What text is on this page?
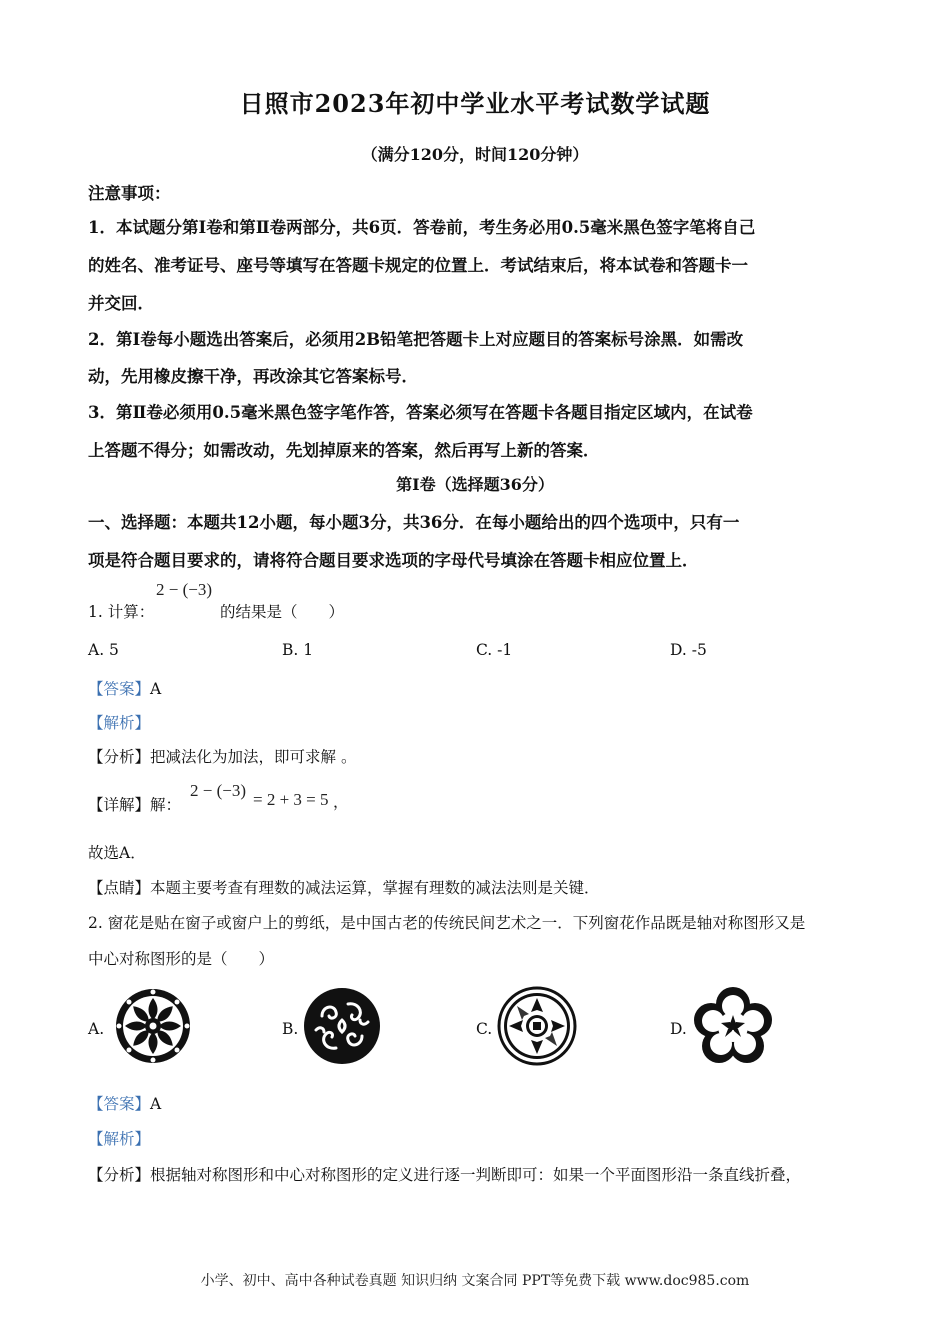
日照市2023年初中学业水平考试数学试题
（满分120分，时间120分钟）
注意事项：
1．本试题分第Ⅰ卷和第Ⅱ卷两部分，共6页．答卷前，考生务必用0.5毫米黑色签字笔将自己
的姓名、准考证号、座号等填写在答题卡规定的位置上．考试结束后，将本试卷和答题卡一
并交回．
2．第Ⅰ卷每小题选出答案后，必须用2B铅笔把答题卡上对应题目的答案标号涂黑．如需改
动，先用橡皮擦干净，再改涂其它答案标号．
3．第Ⅱ卷必须用0.5毫米黑色签字笔作答，答案必须写在答题卡各题目指定区域内，在试卷
上答题不得分；如需改动，先划掉原来的答案，然后再写上新的答案．
第Ⅰ卷（选择题36分）
一、选择题：本题共12小题，每小题3分，共36分．在每小题给出的四个选项中，只有一
项是符合题目要求的，请将符合题目要求选项的字母代号填涂在答题卡相应位置上．
1. 计算：
2 − (−3)
的结果是（　　）
A. 5	B. 1	C. -1	D. -5
【答案】A
【解析】
【分析】把减法化为加法，即可求解 。
【详解】解：
2 − (−3) = 2 + 3 = 5 ，
故选A．
【点睛】本题主要考查有理数的减法运算，掌握有理数的减法法则是关键．
2. 窗花是贴在窗子或窗户上的剪纸，是中国古老的传统民间艺术之一．下列窗花作品既是轴对称图形又是
中心对称图形的是（　　）
A.	B.	C.	D.
【答案】A
【解析】
【分析】根据轴对称图形和中心对称图形的定义进行逐一判断即可：如果一个平面图形沿一条直线折叠，
小学、初中、高中各种试卷真题 知识归纳 文案合同 PPT等免费下载 www.doc985.com
